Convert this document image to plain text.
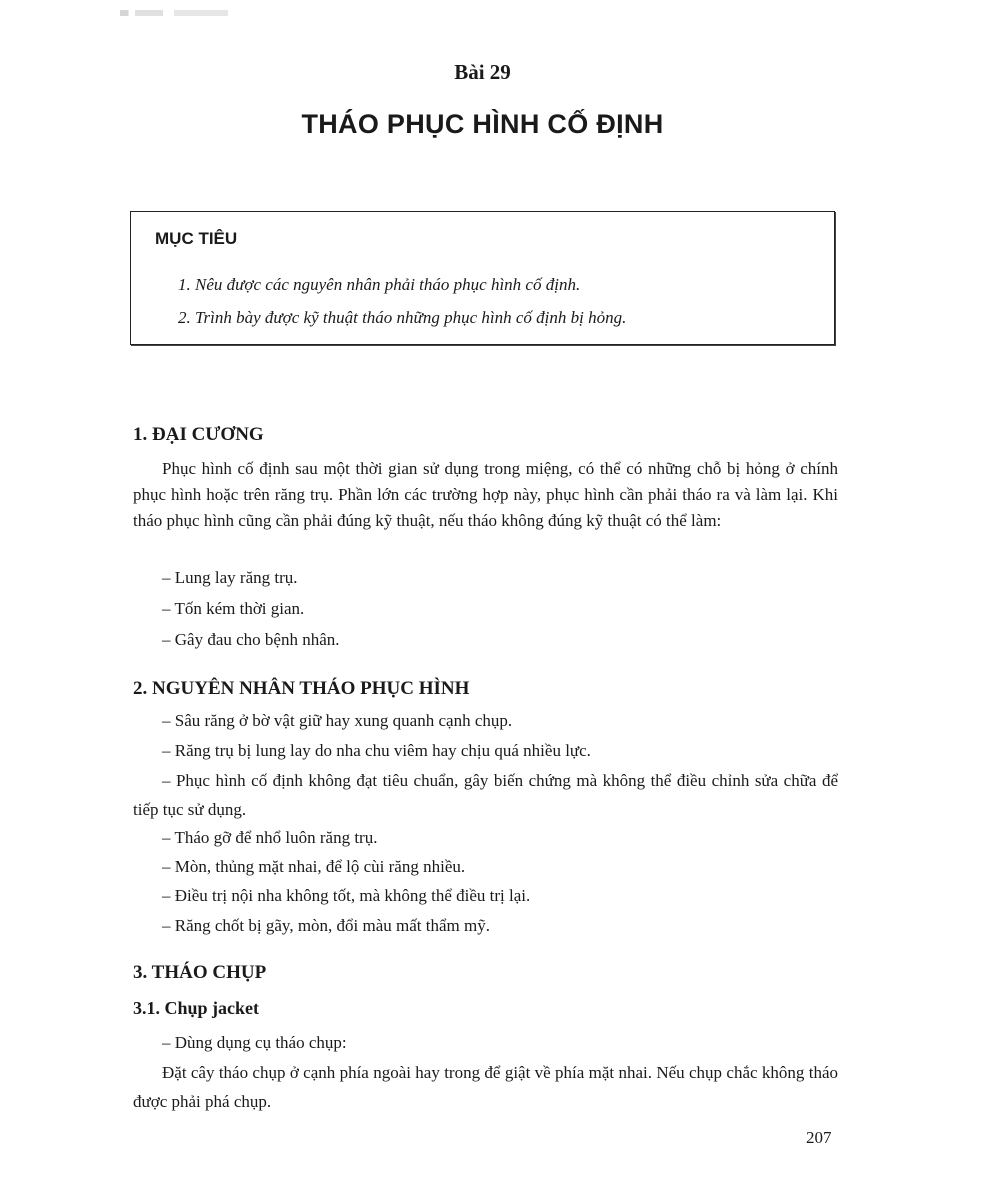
Bài 29
THÁO PHỤC HÌNH CỐ ĐỊNH
MỤC TIÊU
1. Nêu được các nguyên nhân phải tháo phục hình cố định.
2. Trình bày được kỹ thuật tháo những phục hình cố định bị hỏng.
1. ĐẠI CƯƠNG

Phục hình cố định sau một thời gian sử dụng trong miệng, có thể có những chỗ bị hỏng ở chính phục hình hoặc trên răng trụ. Phần lớn các trường hợp này, phục hình cần phải tháo ra và làm lại. Khi tháo phục hình cũng cần phải đúng kỹ thuật, nếu tháo không đúng kỹ thuật có thể làm:

– Lung lay răng trụ.
– Tốn kém thời gian.
– Gây đau cho bệnh nhân.
2. NGUYÊN NHÂN THÁO PHỤC HÌNH
– Sâu răng ở bờ vật giữ hay xung quanh cạnh chụp.
– Răng trụ bị lung lay do nha chu viêm hay chịu quá nhiều lực.

– Phục hình cố định không đạt tiêu chuẩn, gây biến chứng mà không thể điều chỉnh sửa chữa để tiếp tục sử dụng.

– Tháo gỡ để nhổ luôn răng trụ.
– Mòn, thủng mặt nhai, để lộ cùi răng nhiều.
– Điều trị nội nha không tốt, mà không thể điều trị lại.
– Răng chốt bị gãy, mòn, đổi màu mất thẩm mỹ.
3. THÁO CHỤP
3.1. Chụp jacket
– Dùng dụng cụ tháo chụp:

Đặt cây tháo chụp ở cạnh phía ngoài hay trong để giật về phía mặt nhai. Nếu chụp chắc không tháo được phải phá chụp.

207
